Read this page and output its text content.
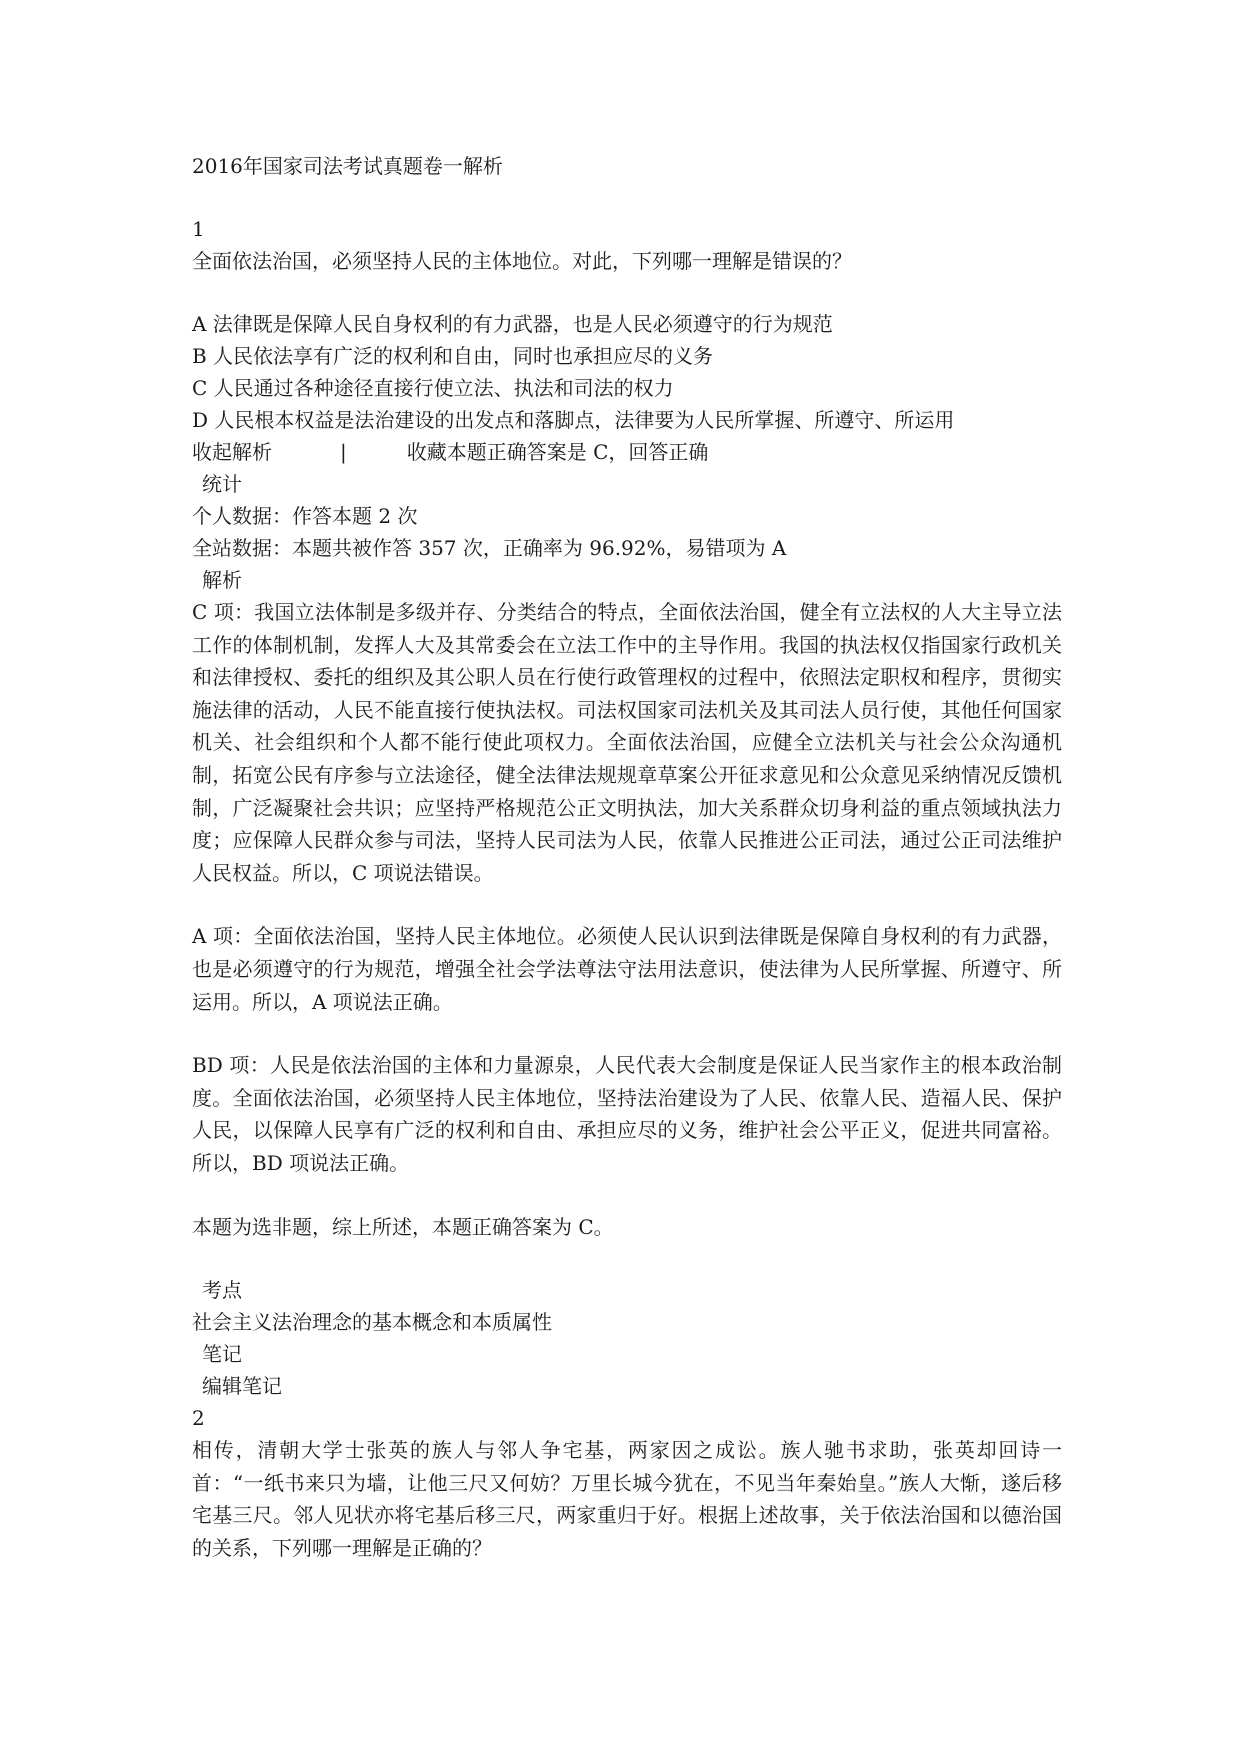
2016年国家司法考试真题卷一解析
1
全面依法治国，必须坚持人民的主体地位。对此，下列哪一理解是错误的？
A 法律既是保障人民自身权利的有力武器，也是人民必须遵守的行为规范
B 人民依法享有广泛的权利和自由，同时也承担应尽的义务
C 人民通过各种途径直接行使立法、执法和司法的权力
D 人民根本权益是法治建设的出发点和落脚点，法律要为人民所掌握、所遵守、所运用
收起解析	|	收藏 本题正确答案是 C，回答正确
统计
个人数据：作答本题 2 次
全站数据：本题共被作答 357 次，正确率为 96.92%，易错项为 A
解析
C 项：我国立法体制是多级并存、分类结合的特点，全面依法治国，健全有立法权的人大主导立法工作的体制机制，发挥人大及其常委会在立法工作中的主导作用。我国的执法权仅指国家行政机关和法律授权、委托的组织及其公职人员在行使行政管理权的过程中，依照法定职权和程序，贯彻实施法律的活动，人民不能直接行使执法权。司法权国家司法机关及其司法人员行使，其他任何国家机关、社会组织和个人都不能行使此项权力。全面依法治国，应健全立法机关与社会公众沟通机制，拓宽公民有序参与立法途径，健全法律法规规章草案公开征求意见和公众意见采纳情况反馈机制，广泛凝聚社会共识；应坚持严格规范公正文明执法，加大关系群众切身利益的重点领域执法力度；应保障人民群众参与司法，坚持人民司法为人民，依靠人民推进公正司法，通过公正司法维护人民权益。所以，C 项说法错误。
A 项：全面依法治国，坚持人民主体地位。必须使人民认识到法律既是保障自身权利的有力武器，也是必须遵守的行为规范，增强全社会学法尊法守法用法意识，使法律为人民所掌握、所遵守、所运用。所以，A 项说法正确。
BD 项：人民是依法治国的主体和力量源泉，人民代表大会制度是保证人民当家作主的根本政治制度。全面依法治国，必须坚持人民主体地位，坚持法治建设为了人民、依靠人民、造福人民、保护人民，以保障人民享有广泛的权利和自由、承担应尽的义务，维护社会公平正义，促进共同富裕。所以，BD 项说法正确。
本题为选非题，综上所述，本题正确答案为 C。
考点
社会主义法治理念的基本概念和本质属性
笔记
编辑笔记
2
相传，清朝大学士张英的族人与邻人争宅基，两家因之成讼。族人驰书求助，张英却回诗一首：“一纸书来只为墙，让他三尺又何妨？万里长城今犹在，不见当年秦始皇。”族人大惭，遂后移宅基三尺。邻人见状亦将宅基后移三尺，两家重归于好。根据上述故事，关于依法治国和以德治国的关系，下列哪一理解是正确的？
